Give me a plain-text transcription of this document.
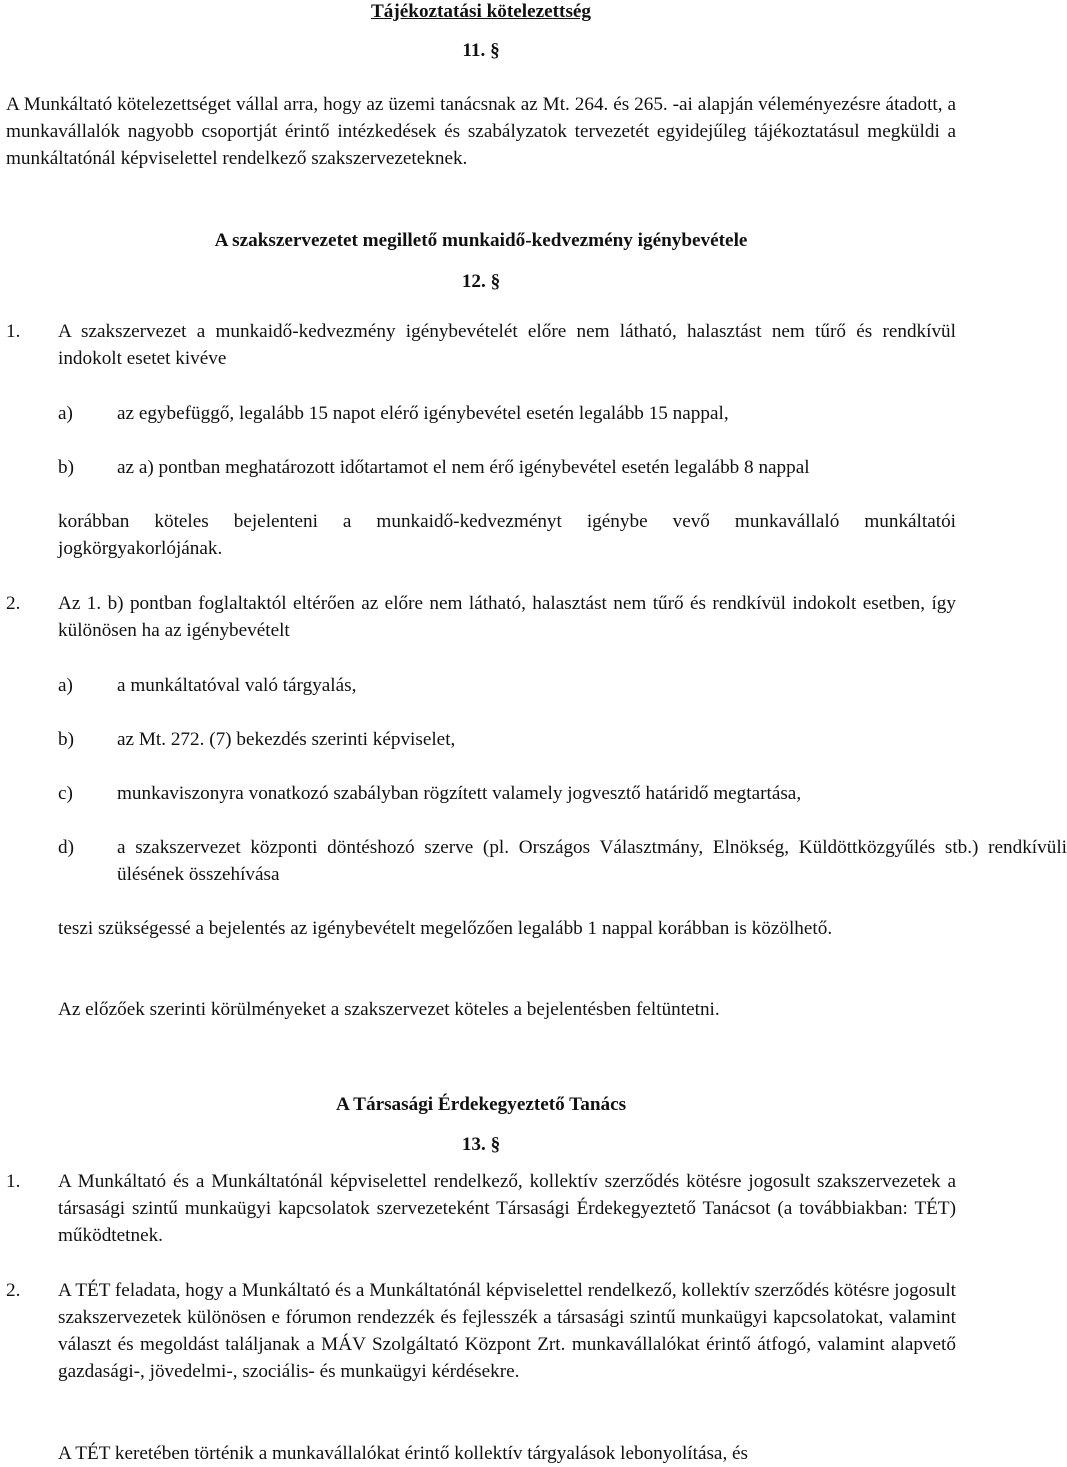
Tájékoztatási kötelezettség
11. §

A Munkáltató kötelezettséget vállal arra, hogy az üzemi tanácsnak az Mt. 264. és 265. -ai alapján véleményezésre átadott, a munkavállalók nagyobb csoportját érintő intézkedések és szabályzatok tervezetét egyidejűleg tájékoztatásul megküldi a munkáltatónál képviselettel rendelkező szakszervezeteknek.

A szakszervezetet megillető munkaidő-kedvezmény igénybevétele
12. §
1. A szakszervezet a munkaidő-kedvezmény igénybevételét előre nem látható, halasztást nem tűrő és rendkívül indokolt esetet kivéve
a) az egybefüggő, legalább 15 napot elérő igénybevétel esetén legalább 15 nappal,
b) az a) pontban meghatározott időtartamot el nem érő igénybevétel esetén legalább 8 nappal

korábban köteles bejelenteni a munkaidő-kedvezményt igénybe vevő munkavállaló munkáltatói jogkörgyakorlójának.

2. Az 1. b) pontban foglaltaktól eltérően az előre nem látható, halasztást nem tűrő és rendkívül indokolt esetben, így különösen ha az igénybevételt
a) a munkáltatóval való tárgyalás,
b) az Mt. 272. (7) bekezdés szerinti képviselet,
c) munkaviszonyra vonatkozó szabályban rögzített valamely jogvesztő határidő megtartása,
d) a szakszervezet központi döntéshozó szerve (pl. Országos Választmány, Elnökség, Küldöttközgyűlés stb.) rendkívüli ülésének összehívása

teszi szükségessé a bejelentés az igénybevételt megelőzően legalább 1 nappal korábban is közölhető.

Az előzőek szerinti körülményeket a szakszervezet köteles a bejelentésben feltüntetni.

A Társasági Érdekegyeztető Tanács
13. §
1. A Munkáltató és a Munkáltatónál képviselettel rendelkező, kollektív szerződés kötésre jogosult szakszervezetek a társasági szintű munkaügyi kapcsolatok szervezeteként Társasági Érdekegyeztető Tanácsot (a továbbiakban: TÉT) működtetnek.
2. A TÉT feladata, hogy a Munkáltató és a Munkáltatónál képviselettel rendelkező, kollektív szerződés kötésre jogosult szakszervezetek különösen e fórumon rendezzék és fejlesszék a társasági szintű munkaügyi kapcsolatokat, valamint választ és megoldást találjanak a MÁV Szolgáltató Központ Zrt. munkavállalókat érintő átfogó, valamint alapvető gazdasági-, jövedelmi-, szociális- és munkaügyi kérdésekre.

A TÉT keretében történik a munkavállalókat érintő kollektív tárgyalások lebonyolítása, és
